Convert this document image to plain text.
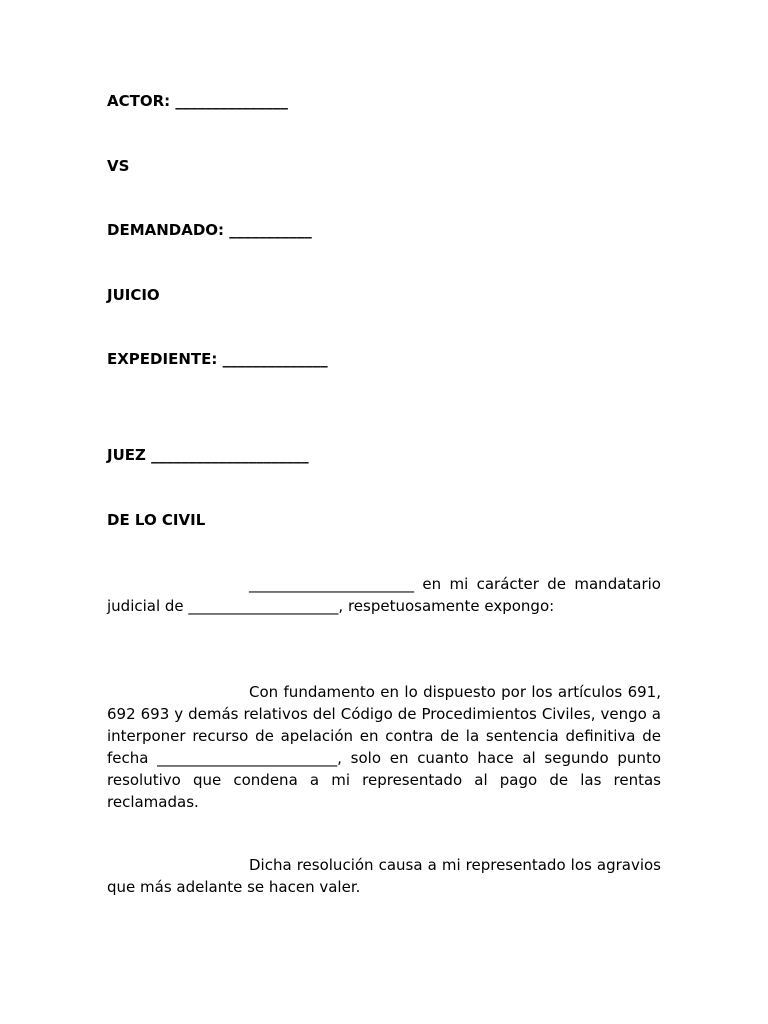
ACTOR: _______________

VS

DEMANDADO: ___________

JUICIO

EXPEDIENTE: ______________

JUEZ _____________________

DE LO CIVIL

______________________ en mi carácter de mandatario judicial de ____________________, respetuosamente expongo:
Con fundamento en lo dispuesto por los artículos 691, 692 693 y demás relativos del Código de Procedimientos Civiles, vengo a interponer recurso de apelación en contra de la sentencia definitiva de fecha ________________________, solo en cuanto hace al segundo punto resolutivo que condena a mi representado al pago de las rentas reclamadas.
Dicha resolución causa a mi representado los agravios que más adelante se hacen valer.
